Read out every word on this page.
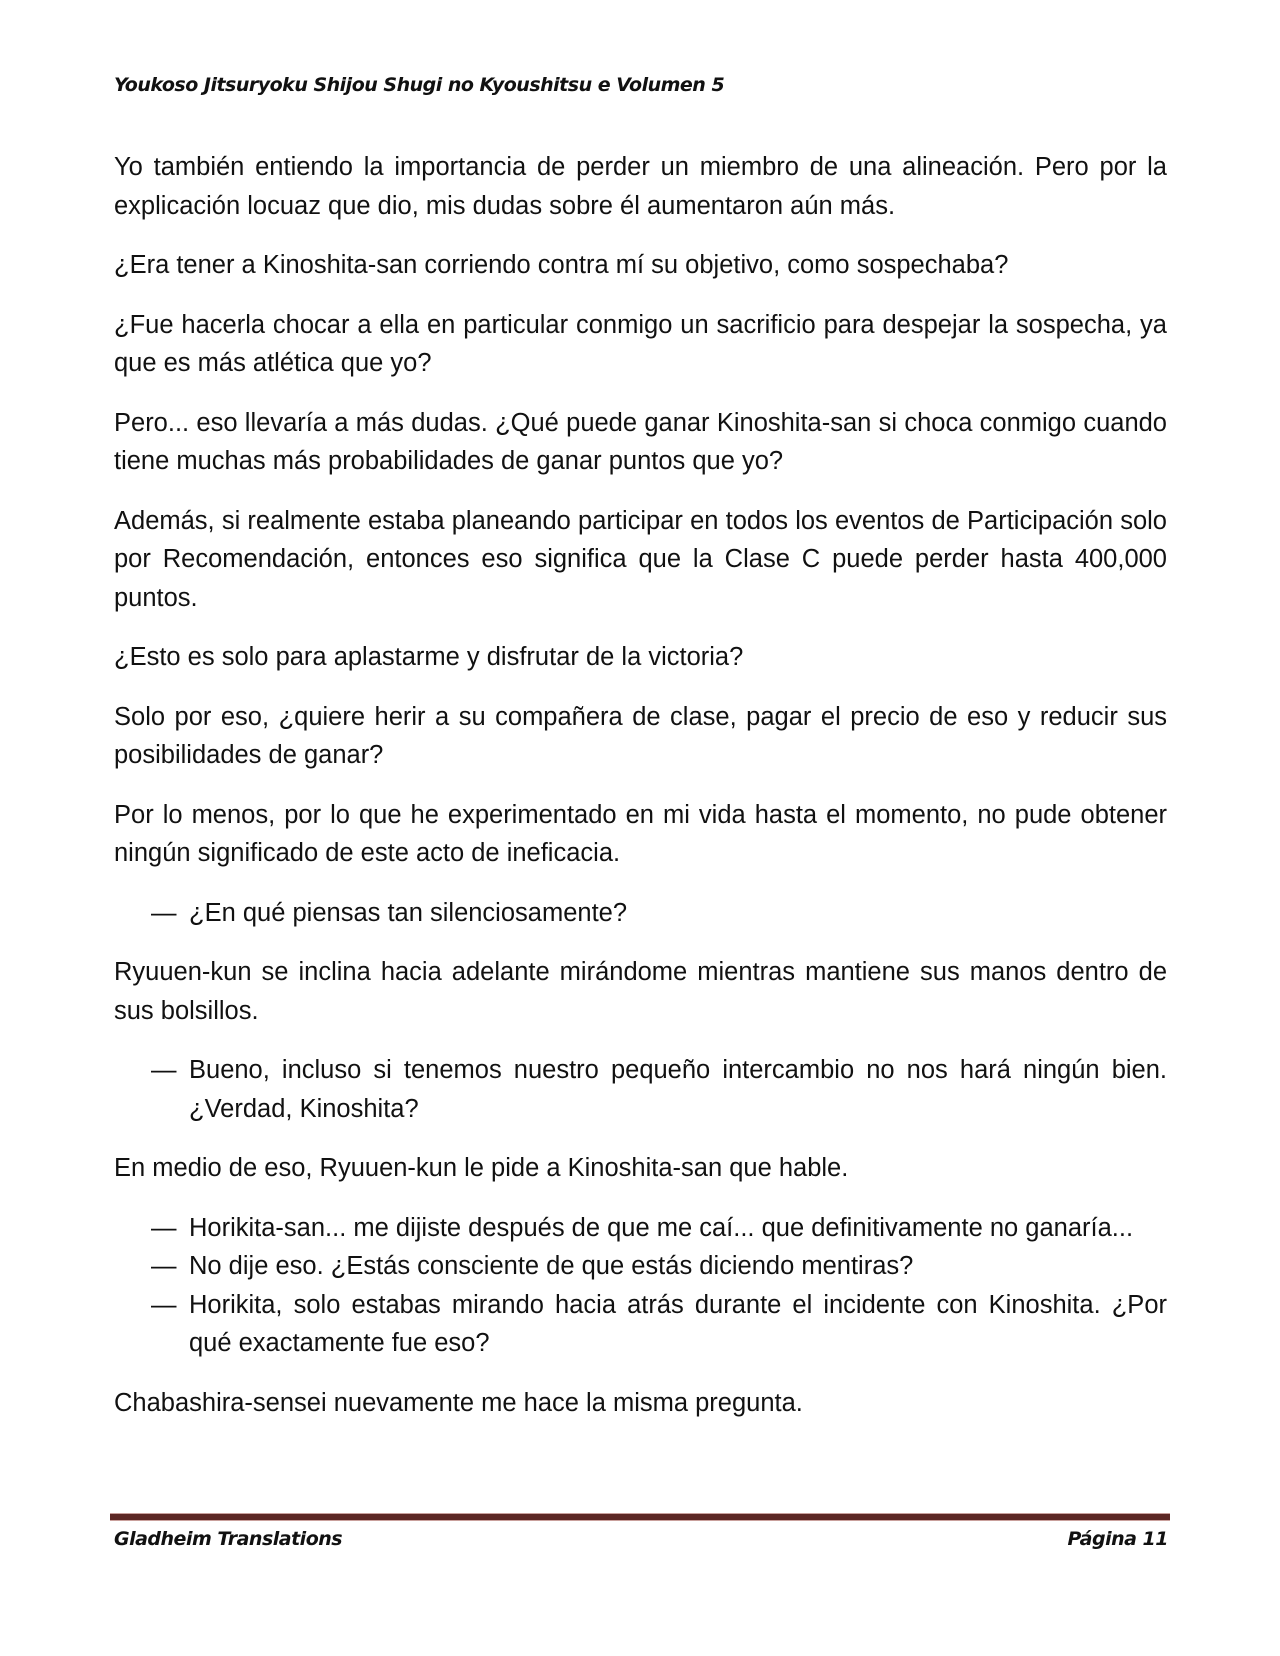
Youkoso Jitsuryoku Shijou Shugi no Kyoushitsu e Volumen 5

Yo también entiendo la importancia de perder un miembro de una alineación. Pero por la explicación locuaz que dio, mis dudas sobre él aumentaron aún más.

¿Era tener a Kinoshita-san corriendo contra mí su objetivo, como sospechaba?

¿Fue hacerla chocar a ella en particular conmigo un sacrificio para despejar la sospecha, ya que es más atlética que yo?

Pero... eso llevaría a más dudas. ¿Qué puede ganar Kinoshita-san si choca conmigo cuando tiene muchas más probabilidades de ganar puntos que yo?

Además, si realmente estaba planeando participar en todos los eventos de Participación solo por Recomendación, entonces eso significa que la Clase C puede perder hasta 400,000 puntos.

¿Esto es solo para aplastarme y disfrutar de la victoria?

Solo por eso, ¿quiere herir a su compañera de clase, pagar el precio de eso y reducir sus posibilidades de ganar?

Por lo menos, por lo que he experimentado en mi vida hasta el momento, no pude obtener ningún significado de este acto de ineficacia.

— ¿En qué piensas tan silenciosamente?

Ryuuen-kun se inclina hacia adelante mirándome mientras mantiene sus manos dentro de sus bolsillos.

— Bueno, incluso si tenemos nuestro pequeño intercambio no nos hará ningún bien. ¿Verdad, Kinoshita?

En medio de eso, Ryuuen-kun le pide a Kinoshita-san que hable.

— Horikita-san... me dijiste después de que me caí... que definitivamente no ganaría...
— No dije eso. ¿Estás consciente de que estás diciendo mentiras?
— Horikita, solo estabas mirando hacia atrás durante el incidente con Kinoshita. ¿Por qué exactamente fue eso?

Chabashira-sensei nuevamente me hace la misma pregunta.

Gladheim Translations	Página 11
